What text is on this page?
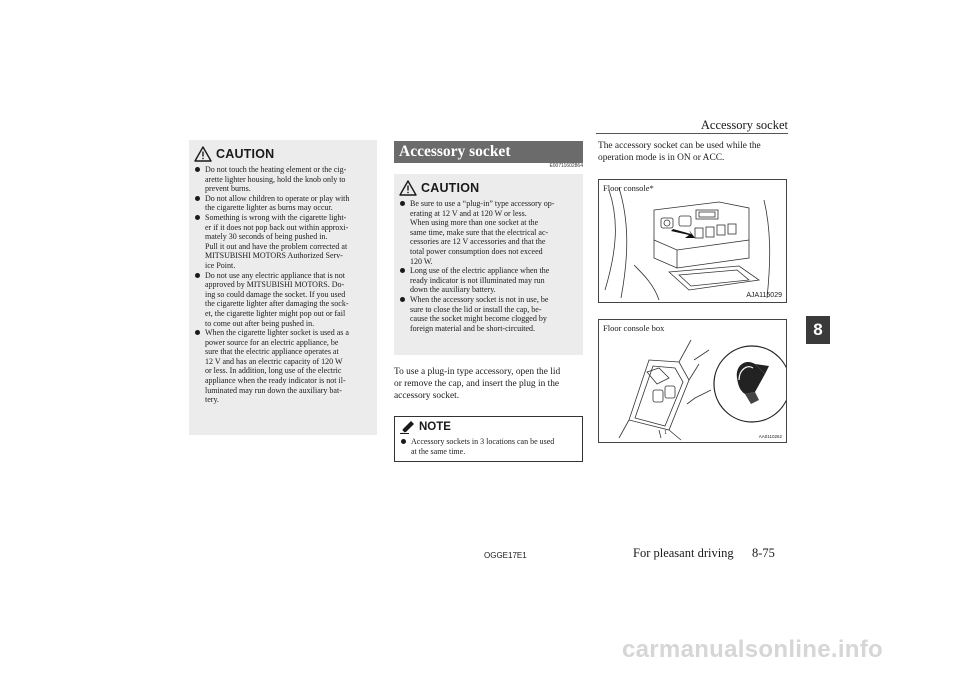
Accessory socket
8
CAUTION
Do not touch the heating element or the cig-
arette lighter housing, hold the knob only to
prevent burns.
Do not allow children to operate or play with
the cigarette lighter as burns may occur.
Something is wrong with the cigarette light-
er if it does not pop back out within approxi-
mately 30 seconds of being pushed in.
Pull it out and have the problem corrected at
MITSUBISHI MOTORS Authorized Serv-
ice Point.
Do not use any electric appliance that is not
approved by MITSUBISHI MOTORS. Do-
ing so could damage the socket. If you used
the cigarette lighter after damaging the sock-
et, the cigarette lighter might pop out or fail
to come out after being pushed in.
When the cigarette lighter socket is used as a
power source for an electric appliance, be
sure that the electric appliance operates at
12 V and has an electric capacity of 120 W
or less. In addition, long use of the electric
appliance when the ready indicator is not il-
luminated may run down the auxiliary bat-
tery.
Accessory socket
E00711602864
CAUTION
Be sure to use a “plug-in” type accessory op-
erating at 12 V and at 120 W or less.
When using more than one socket at the
same time, make sure that the electrical ac-
cessories are 12 V accessories and that the
total power consumption does not exceed
120 W.
Long use of the electric appliance when the
ready indicator is not illuminated may run
down the auxiliary battery.
When the accessory socket is not in use, be
sure to close the lid or install the cap, be-
cause the socket might become clogged by
foreign material and be short-circuited.
To use a plug-in type accessory, open the lid
or remove the cap, and insert the plug in the
accessory socket.
NOTE
Accessory sockets in 3 locations can be used
at the same time.
The accessory socket can be used while the
operation mode is in ON or ACC.
Floor console*
AJA115029
Floor console box
1
AA0110262
OGGE17E1	For pleasant driving 8-75
carmanualsonline.info
